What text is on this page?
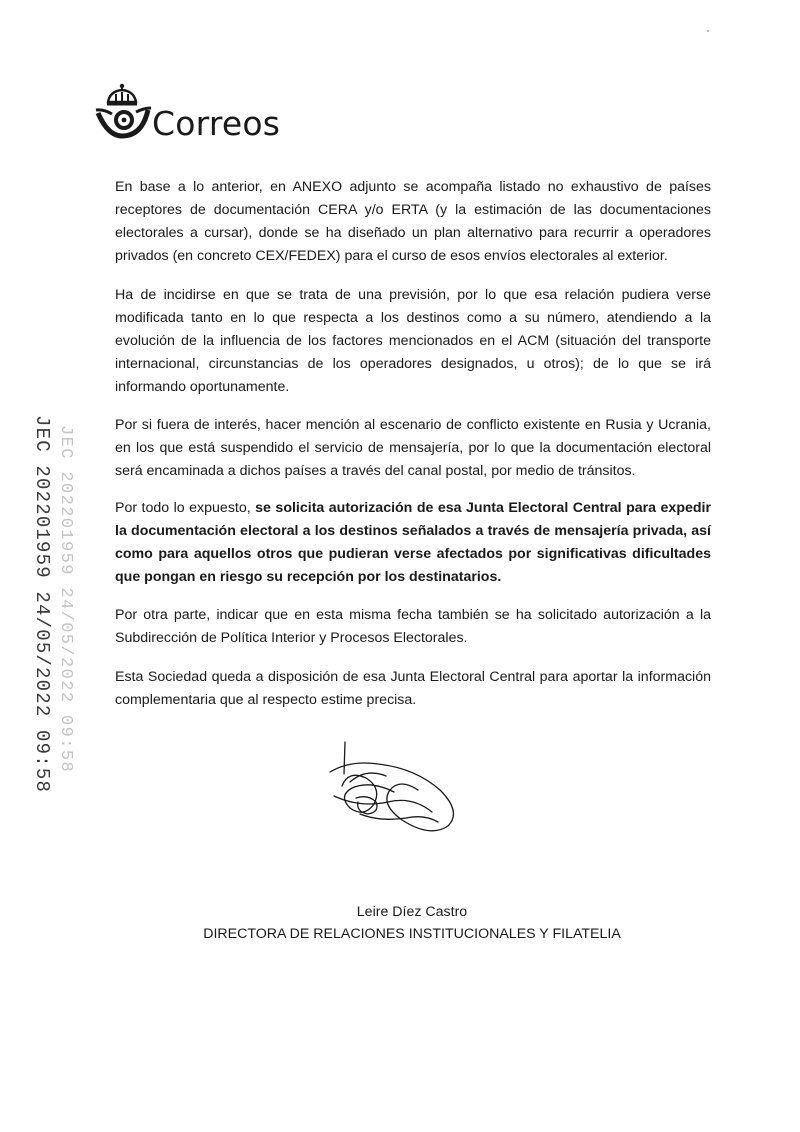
Correos
JEC 202201959 24/05/2022 09:58 JEC 202201959 24/05/2022 09:58

En base a lo anterior, en ANEXO adjunto se acompaña listado no exhaustivo de países receptores de documentación CERA y/o ERTA (y la estimación de las documentaciones electorales a cursar), donde se ha diseñado un plan alternativo para recurrir a operadores privados (en concreto CEX/FEDEX) para el curso de esos envíos electorales al exterior.

Ha de incidirse en que se trata de una previsión, por lo que esa relación pudiera verse modificada tanto en lo que respecta a los destinos como a su número, atendiendo a la evolución de la influencia de los factores mencionados en el ACM (situación del transporte internacional, circunstancias de los operadores designados, u otros); de lo que se irá informando oportunamente.

Por si fuera de interés, hacer mención al escenario de conflicto existente en Rusia y Ucrania, en los que está suspendido el servicio de mensajería, por lo que la documentación electoral será encaminada a dichos países a través del canal postal, por medio de tránsitos.

Por todo lo expuesto, se solicita autorización de esa Junta Electoral Central para expedir la documentación electoral a los destinos señalados a través de mensajería privada, así como para aquellos otros que pudieran verse afectados por significativas dificultades que pongan en riesgo su recepción por los destinatarios.

Por otra parte, indicar que en esta misma fecha también se ha solicitado autorización a la Subdirección de Política Interior y Procesos Electorales.

Esta Sociedad queda a disposición de esa Junta Electoral Central para aportar la información complementaria que al respecto estime precisa.

Leire Díez Castro
DIRECTORA DE RELACIONES INSTITUCIONALES Y FILATELIA
